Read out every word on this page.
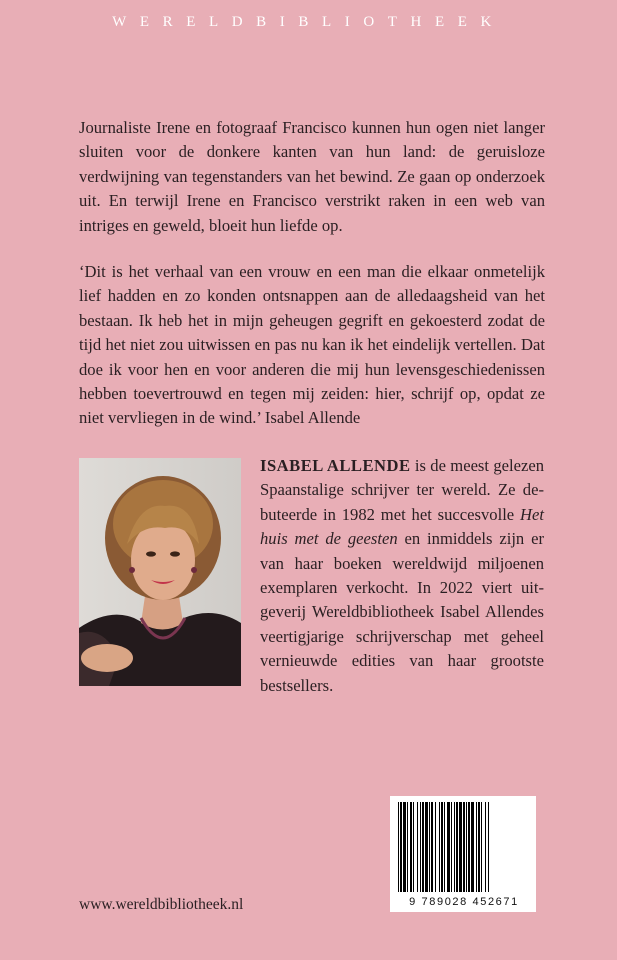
WERELDBIBLIOTHEEK

Journaliste Irene en fotograaf Francisco kunnen hun ogen niet langer sluiten voor de donkere kanten van hun land: de geruisloze verdwijning van tegenstanders van het bewind. Ze gaan op onderzoek uit. En terwijl Irene en Francisco verstrikt raken in een web van intriges en geweld, bloeit hun liefde op.

‘Dit is het verhaal van een vrouw en een man die elkaar onmetelijk lief hadden en zo konden ontsnappen aan de alledaagsheid van het bestaan. Ik heb het in mijn geheugen gegrift en gekoesterd zodat de tijd het niet zou uitwissen en pas nu kan ik het eindelijk vertellen. Dat doe ik voor hen en voor anderen die mij hun levensgeschiedenissen hebben toevertrouwd en tegen mij zeiden: hier, schrijf op, opdat ze niet vervliegen in de wind.’ Isabel Allende

ISABEL ALLENDE is de meest gelezen Spaanstalige schrijver ter wereld. Ze debuteerde in 1982 met het succesvolle Het huis met de geesten en inmiddels zijn er van haar boeken wereldwijd miljoenen exemplaren verkocht. In 2022 viert uitgeverij Wereldbibliotheek Isabel Allendes veertigjarige schrijverschap met geheel vernieuwde edities van haar grootste bestsellers.

9 789028 452671
www.wereldbibliotheek.nl
